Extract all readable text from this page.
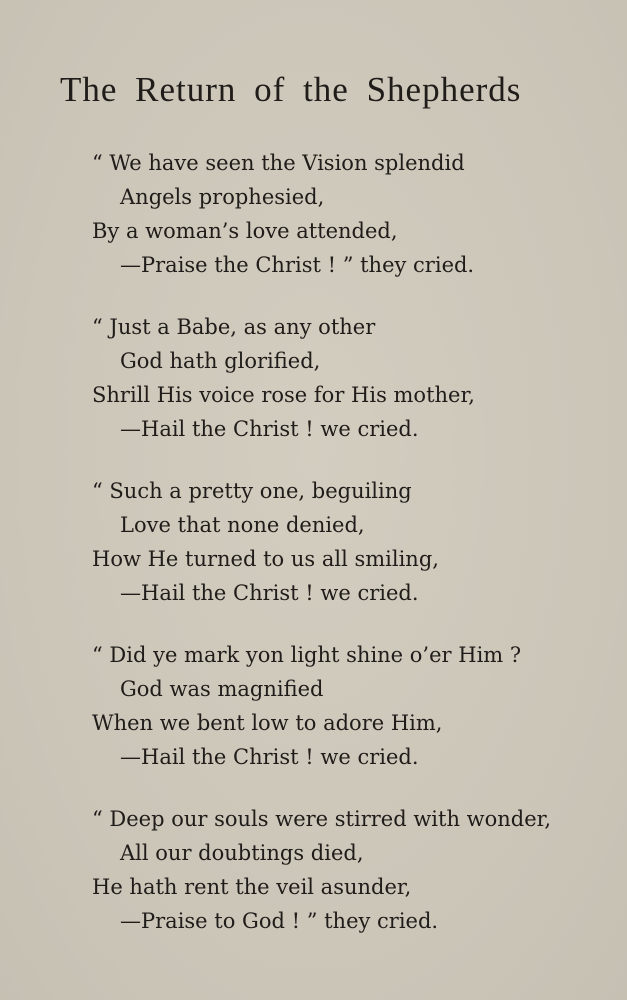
The Return of the Shepherds
“ We have seen the Vision splendid
Angels prophesied,
By a woman’s love attended,
—Praise the Christ ! ” they cried.
“ Just a Babe, as any other
God hath glorified,
Shrill His voice rose for His mother,
—Hail the Christ ! we cried.
“ Such a pretty one, beguiling
Love that none denied,
How He turned to us all smiling,
—Hail the Christ ! we cried.
“ Did ye mark yon light shine o’er Him ?
God was magnified
When we bent low to adore Him,
—Hail the Christ ! we cried.
“ Deep our souls were stirred with wonder,
All our doubtings died,
He hath rent the veil asunder,
—Praise to God ! ” they cried.
